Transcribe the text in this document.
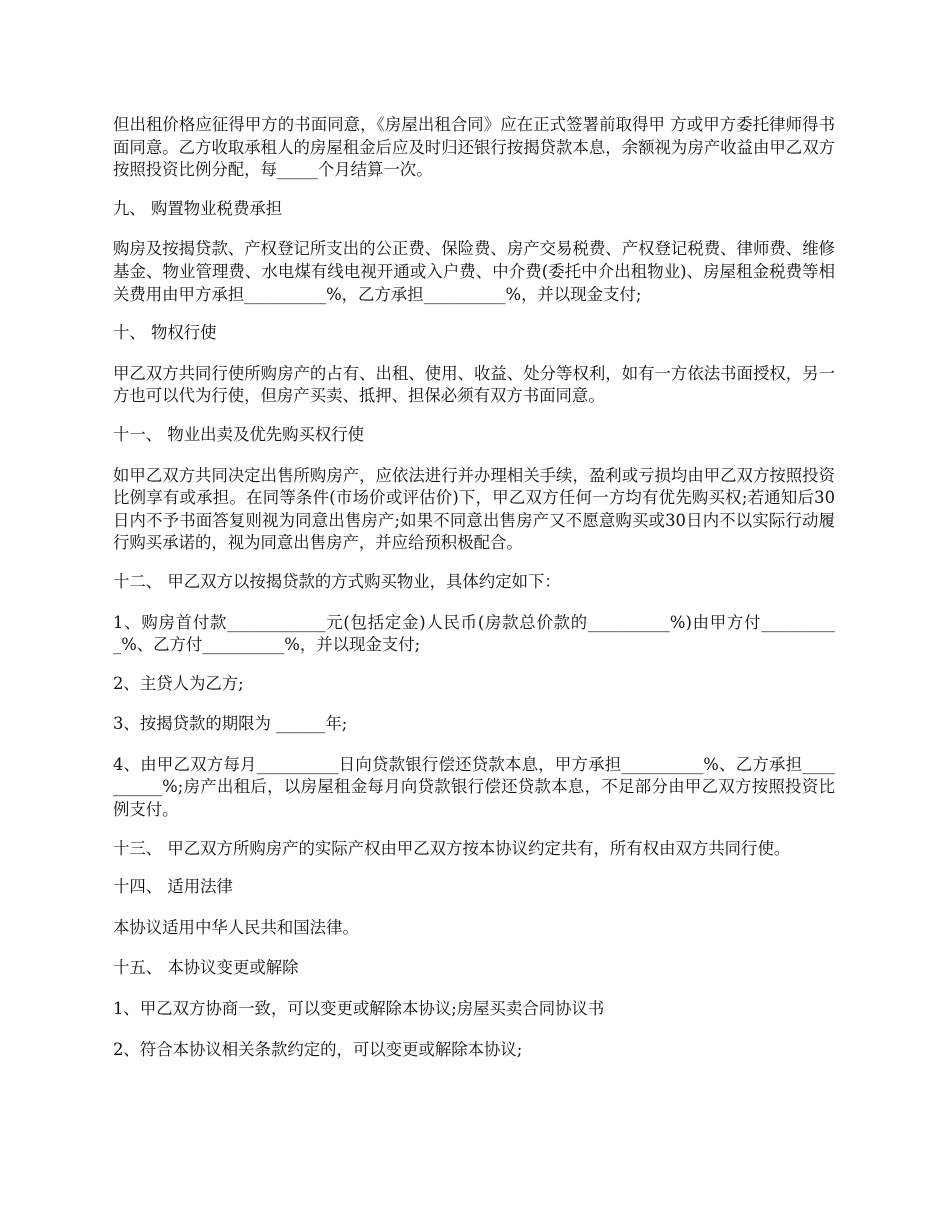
但出租价格应征得甲方的书面同意，《房屋出租合同》应在正式签署前取得甲 方或甲方委托律师得书面同意。乙方收取承租人的房屋租金后应及时归还银行按揭贷款本息，余额视为房产收益由甲乙双方按照投资比例分配，每_____个月结算一次。

九、 购置物业税费承担

购房及按揭贷款、产权登记所支出的公正费、保险费、房产交易税费、产权登记税费、律师费、维修基金、物业管理费、水电煤有线电视开通或入户费、中介费(委托中介出租物业)、房屋租金税费等相关费用由甲方承担__________%，乙方承担__________%，并以现金支付;

十、 物权行使

甲乙双方共同行使所购房产的占有、出租、使用、收益、处分等权利，如有一方依法书面授权，另一方也可以代为行使，但房产买卖、抵押、担保必须有双方书面同意。

十一、 物业出卖及优先购买权行使

如甲乙双方共同决定出售所购房产，应依法进行并办理相关手续，盈利或亏损均由甲乙双方按照投资比例享有或承担。在同等条件(市场价或评估价)下，甲乙双方任何一方均有优先购买权;若通知后30日内不予书面答复则视为同意出售房产;如果不同意出售房产又不愿意购买或30日内不以实际行动履行购买承诺的，视为同意出售房产，并应给预积极配合。

十二、 甲乙双方以按揭贷款的方式购买物业，具体约定如下：

1、购房首付款____________元(包括定金)人民币(房款总价款的__________%)由甲方付__________%、乙方付__________%，并以现金支付;

2、主贷人为乙方;

3、按揭贷款的期限为 ______年;

4、由甲乙双方每月__________日向贷款银行偿还贷款本息，甲方承担__________%、乙方承担__________%;房产出租后，以房屋租金每月向贷款银行偿还贷款本息，不足部分由甲乙双方按照投资比例支付。

十三、 甲乙双方所购房产的实际产权由甲乙双方按本协议约定共有，所有权由双方共同行使。

十四、 适用法律

本协议适用中华人民共和国法律。

十五、 本协议变更或解除

1、甲乙双方协商一致，可以变更或解除本协议;房屋买卖合同协议书

2、符合本协议相关条款约定的，可以变更或解除本协议;
